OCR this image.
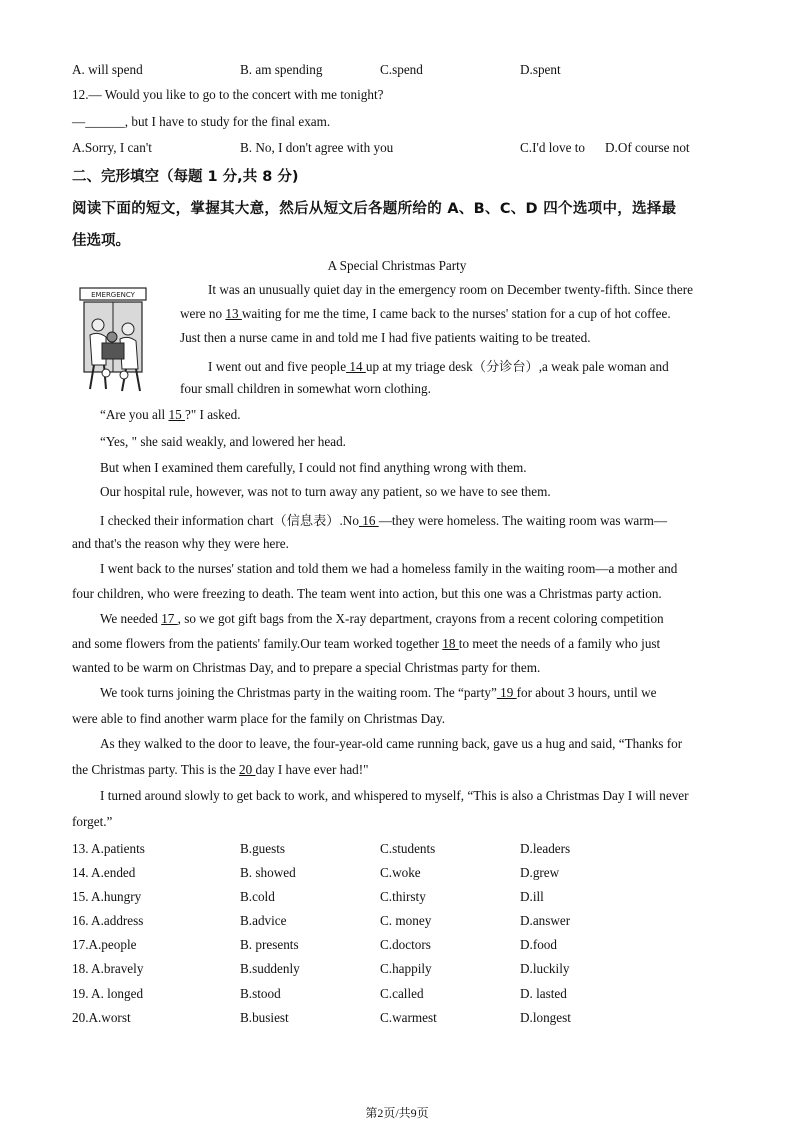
A. will spend	B. am spending	C.spend	D.spent
12.— Would you like to go to the concert with me tonight?
—______, but I have to study for the final exam.
A.Sorry, I can't	B. No, I don't agree with you	C.I'd love to D.Of course not
二、完形填空（每题 1 分,共 8 分)
阅读下面的短文，掌握其大意，然后从短文后各题所给的 A、B、C、D 四个选项中，选择最
佳选项。
A Special Christmas Party
EMERGENCY	It was an unusually quiet day in the emergency room on December twenty-fifth. Since there
were no 13 waiting for me the time, I came back to the nurses' station for a cup of hot coffee.
Just then a nurse came in and told me I had five patients waiting to be treated.
I went out and five people 14 up at my triage desk（分诊台）,a weak pale woman and
four small children in somewhat worn clothing.
“Are you all 15 ?" I asked.
“Yes, " she said weakly, and lowered her head.
But when I examined them carefully, I could not find anything wrong with them.
Our hospital rule, however, was not to turn away any patient, so we have to see them.
I checked their information chart（信息表）.No 16 —they were homeless. The waiting room was warm—
and that's the reason why they were here.
I went back to the nurses' station and told them we had a homeless family in the waiting room—a mother and
four children, who were freezing to death. The team went into action, but this one was a Christmas party action.
We needed 17 , so we got gift bags from the X-ray department, crayons from a recent coloring competition
and some flowers from the patients' family.Our team worked together 18 to meet the needs of a family who just
wanted to be warm on Christmas Day, and to prepare a special Christmas party for them.
We took turns joining the Christmas party in the waiting room. The “party” 19 for about 3 hours, until we
were able to find another warm place for the family on Christmas Day.
As they walked to the door to leave, the four-year-old came running back, gave us a hug and said, “Thanks for
the Christmas party. This is the 20 day I have ever had!"
I turned around slowly to get back to work, and whispered to myself, “This is also a Christmas Day I will never
forget.”
13. A.patients	B.guests	C.students	D.leaders
14. A.ended	B. showed	C.woke	D.grew
15. A.hungry	B.cold	C.thirsty	D.ill
16. A.address	B.advice	C. money	D.answer
17.A.people	B. presents	C.doctors	D.food
18. A.bravely	B.suddenly	C.happily	D.luckily
19. A. longed	B.stood	C.called	D. lasted
20.A.worst	B.busiest	C.warmest	D.longest
第2页/共9页
